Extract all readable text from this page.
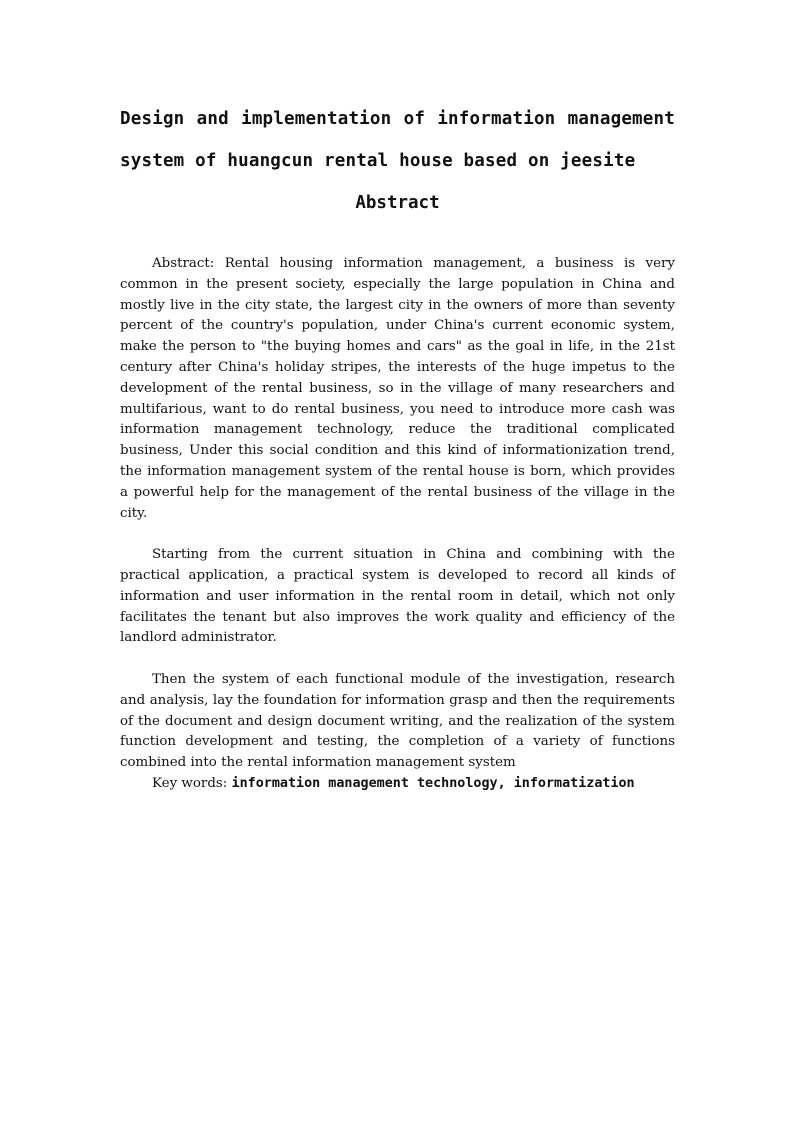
Design and implementation of information management
system of huangcun rental house based on jeesite
Abstract

Abstract: Rental housing information management, a business is very common in the present society, especially the large population in China and mostly live in the city state, the largest city in the owners of more than seventy percent of the country's population, under China's current economic system, make the person to "the buying homes and cars" as the goal in life, in the 21st century after China's holiday stripes, the interests of the huge impetus to the development of the rental business, so in the village of many researchers and multifarious, want to do rental business, you need to introduce more cash was information management technology, reduce the traditional complicated business, Under this social condition and this kind of informationization trend, the information management system of the rental house is born, which provides a powerful help for the management of the rental business of the village in the city.

Starting from the current situation in China and combining with the practical application, a practical system is developed to record all kinds of information and user information in the rental room in detail, which not only facilitates the tenant but also improves the work quality and efficiency of the landlord administrator.

Then the system of each functional module of the investigation, research and analysis, lay the foundation for information grasp and then the requirements of the document and design document writing, and the realization of the system function development and testing, the completion of a variety of functions combined into the rental information management system

Key words: information management technology, informatization
